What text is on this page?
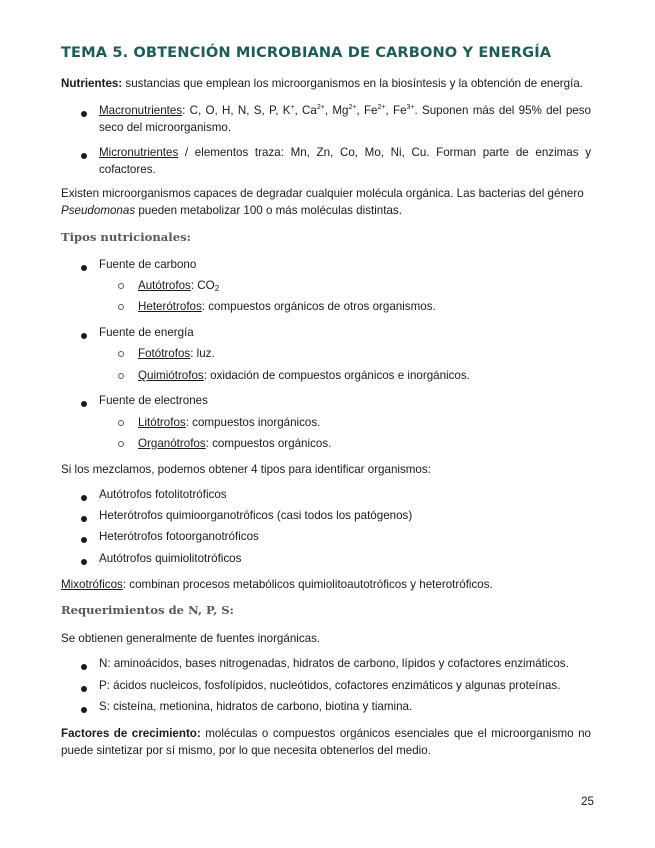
TEMA 5. OBTENCIÓN MICROBIANA DE CARBONO Y ENERGÍA
Nutrientes: sustancias que emplean los microorganismos en la biosíntesis y la obtención de energía.
Macronutrientes: C, O, H, N, S, P, K+, $Ca^{2+}$, $Mg^{2+}$, $Fe^{2+}$, $Fe^{3+}$. Suponen más del 95% del peso seco del microorganismo.
Micronutrientes / elementos traza: Mn, Zn, Co, Mo, Ni, Cu. Forman parte de enzimas y cofactores.
Existen microorganismos capaces de degradar cualquier molécula orgánica. Las bacterias del género Pseudomonas pueden metabolizar 100 o más moléculas distintas.
Tipos nutricionales:
Fuente de carbono
Autótrofos: $CO_2$
Heterótrofos: compuestos orgánicos de otros organismos.
Fuente de energía
Fotótrofos: luz.
Quimiótrofos: oxidación de compuestos orgánicos e inorgánicos.
Fuente de electrones
Litótrofos: compuestos inorgánicos.
Organótrofos: compuestos orgánicos.
Si los mezclamos, podemos obtener 4 tipos para identificar organismos:
Autótrofos fotolitotróficos
Heterótrofos quimioorganotróficos (casi todos los patógenos)
Heterótrofos fotoorganotróficos
Autótrofos quimiolitotróficos
Mixotróficos: combinan procesos metabólicos quimiolitoautotróficos y heterotróficos.
Requerimientos de N, P, S:
Se obtienen generalmente de fuentes inorgánicas.
N: aminoácidos, bases nitrogenadas, hidratos de carbono, lípidos y cofactores enzimáticos.
P: ácidos nucleicos, fosfolípidos, nucleótidos, cofactores enzimáticos y algunas proteínas.
S: cisteína, metionina, hidratos de carbono, biotina y tiamina.
Factores de crecimiento: moléculas o compuestos orgánicos esenciales que el microorganismo no puede sintetizar por sí mismo, por lo que necesita obtenerlos del medio.
25
